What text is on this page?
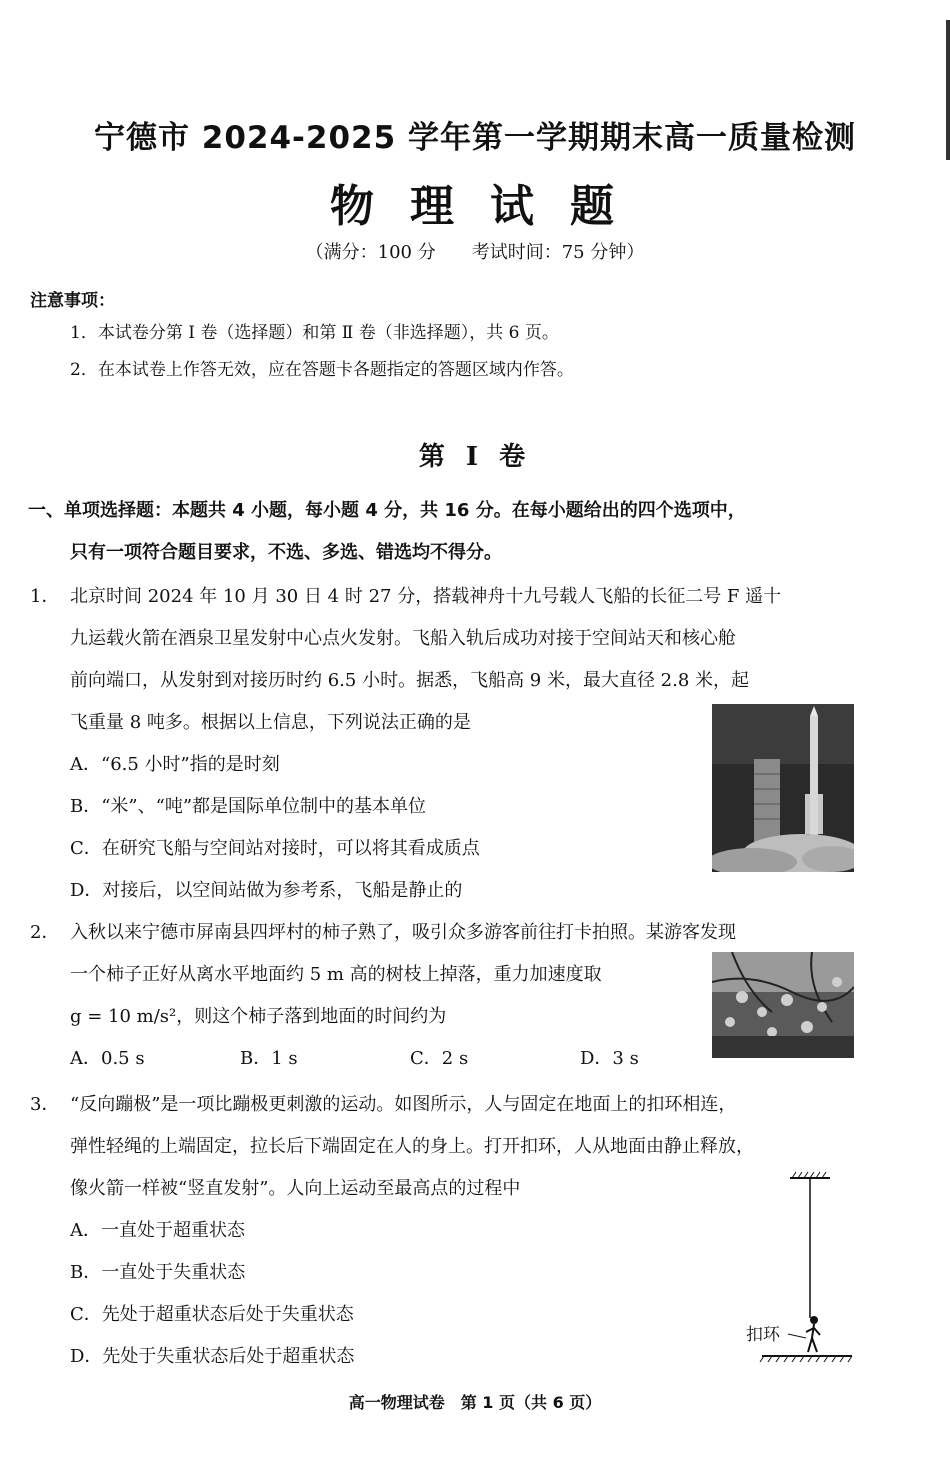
宁德市 2024-2025 学年第一学期期末高一质量检测
物理试题
（满分：100 分　　考试时间：75 分钟）
注意事项：
1．本试卷分第 Ⅰ 卷（选择题）和第 Ⅱ 卷（非选择题），共 6 页。
2．在本试卷上作答无效，应在答题卡各题指定的答题区域内作答。
第 Ⅰ 卷
一、单项选择题：本题共 4 小题，每小题 4 分，共 16 分。在每小题给出的四个选项中，
只有一项符合题目要求，不选、多选、错选均不得分。
1． 北京时间 2024 年 10 月 30 日 4 时 27 分，搭载神舟十九号载人飞船的长征二号 F 遥十
九运载火箭在酒泉卫星发射中心点火发射。飞船入轨后成功对接于空间站天和核心舱
前向端口，从发射到对接历时约 6.5 小时。据悉，飞船高 9 米，最大直径 2.8 米，起
飞重量 8 吨多。根据以上信息，下列说法正确的是
A．“6.5 小时”指的是时刻
B．“米”、“吨”都是国际单位制中的基本单位
C．在研究飞船与空间站对接时，可以将其看成质点
D．对接后，以空间站做为参考系，飞船是静止的
2． 入秋以来宁德市屏南县四坪村的柿子熟了，吸引众多游客前往打卡拍照。某游客发现
一个柿子正好从离水平地面约 5 m 高的树枝上掉落，重力加速度取
g = 10 m/s²，则这个柿子落到地面的时间约为
A．0.5 s	B．1 s	C．2 s	D．3 s
3． “反向蹦极”是一项比蹦极更刺激的运动。如图所示，人与固定在地面上的扣环相连，
弹性轻绳的上端固定，拉长后下端固定在人的身上。打开扣环，人从地面由静止释放，
像火箭一样被“竖直发射”。人向上运动至最高点的过程中
A．一直处于超重状态
B．一直处于失重状态
C．先处于超重状态后处于失重状态
D．先处于失重状态后处于超重状态
扣环
高一物理试卷　第 1 页（共 6 页）
